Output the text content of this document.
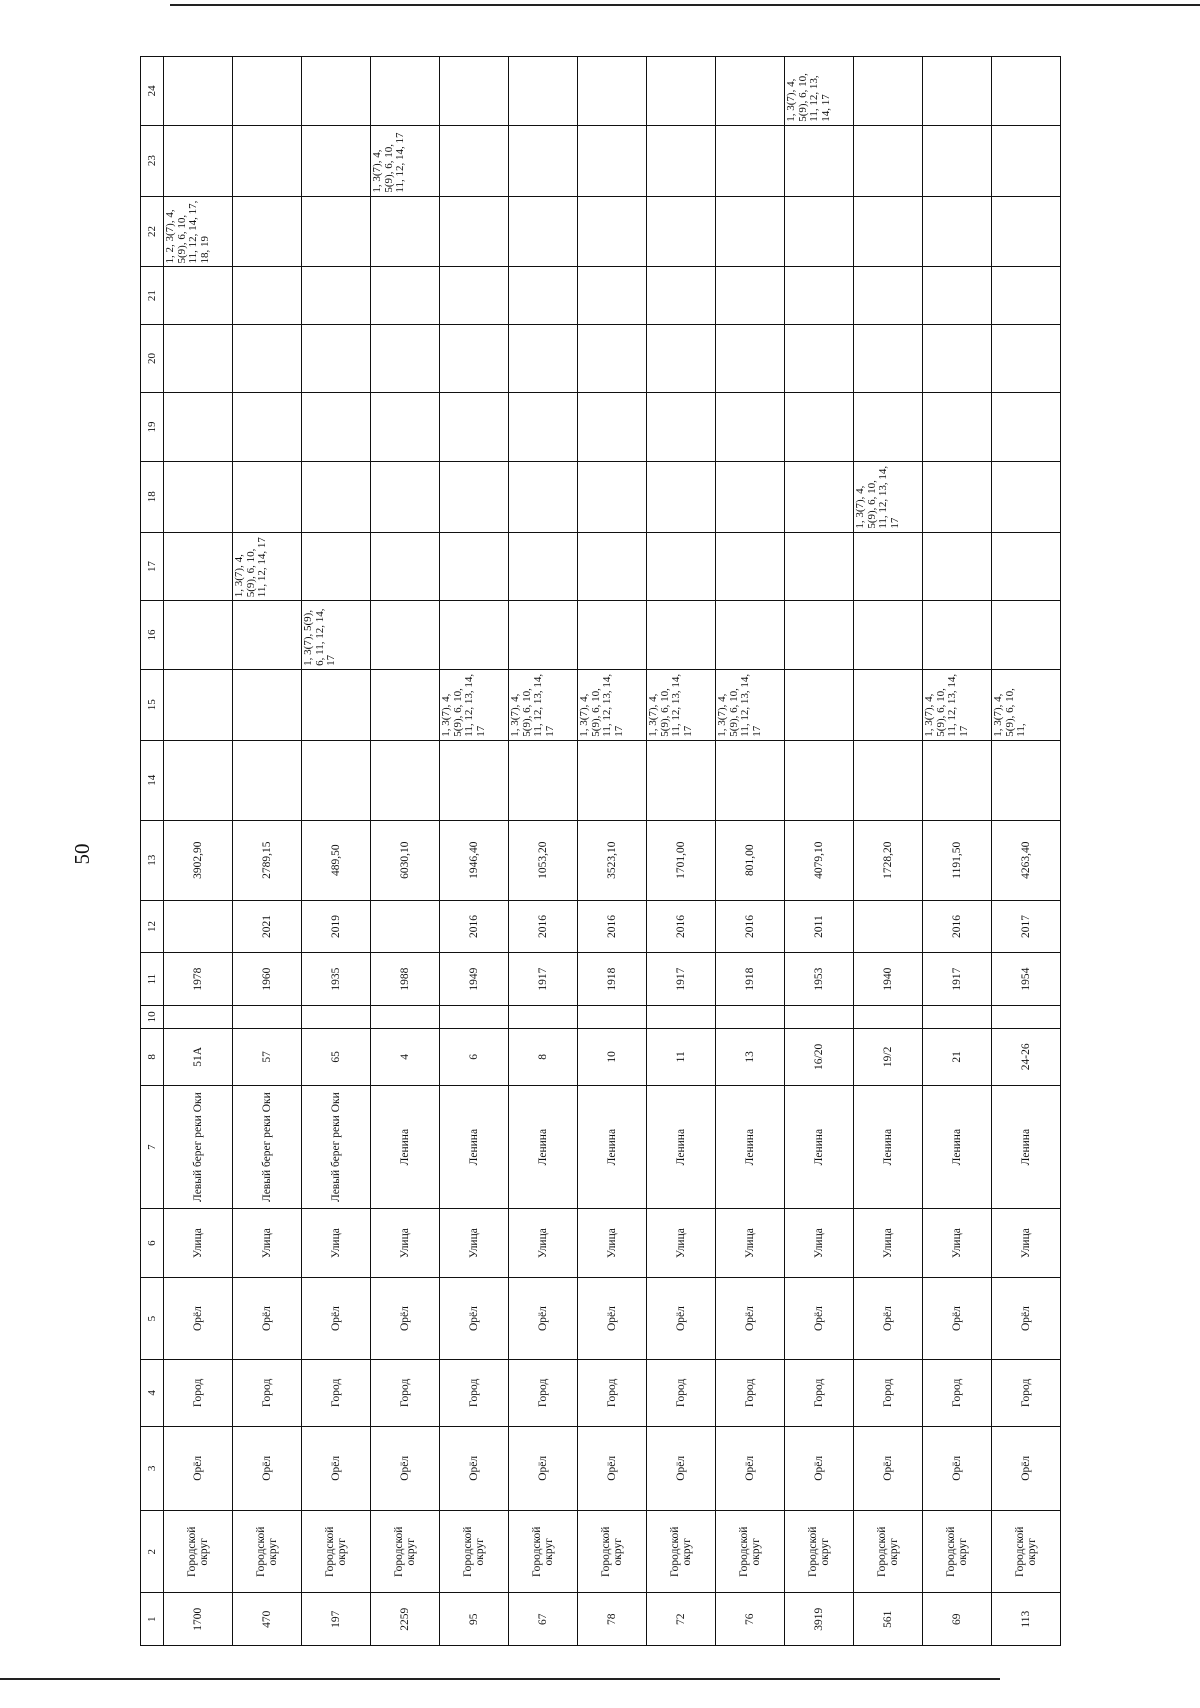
50
1	2	3	4	5	6	7	8	10	11	12	13	14	15	16	17	18	19	20	21	22	23	24
1700	Городской округ	Орёл	Город	Орёл	Улица	Левый берег реки Оки	51А		1978		3902,90									1, 2, 3(7), 4, 5(9), 6, 10, 11, 12, 14, 17, 18, 19		
470	Городской округ	Орёл	Город	Орёл	Улица	Левый берег реки Оки	57		1960	2021	2789,15				1, 3(7), 4, 5(9), 6, 10, 11, 12, 14, 17							
197	Городской округ	Орёл	Город	Орёл	Улица	Левый берег реки Оки	65		1935	2019	489,50			1, 3(7), 5(9), 6, 11, 12, 14, 17								
2259	Городской округ	Орёл	Город	Орёл	Улица	Ленина	4		1988		6030,10										1, 3(7), 4, 5(9), 6, 10, 11, 12, 14, 17	
95	Городской округ	Орёл	Город	Орёл	Улица	Ленина	6		1949	2016	1946,40		1, 3(7), 4, 5(9), 6, 10, 11, 12, 13, 14, 17									
67	Городской округ	Орёл	Город	Орёл	Улица	Ленина	8		1917	2016	1053,20		1, 3(7), 4, 5(9), 6, 10, 11, 12, 13, 14, 17									
78	Городской округ	Орёл	Город	Орёл	Улица	Ленина	10		1918	2016	3523,10		1, 3(7), 4, 5(9), 6, 10, 11, 12, 13, 14, 17									
72	Городской округ	Орёл	Город	Орёл	Улица	Ленина	11		1917	2016	1701,00		1, 3(7), 4, 5(9), 6, 10, 11, 12, 13, 14, 17									
76	Городской округ	Орёл	Город	Орёл	Улица	Ленина	13		1918	2016	801,00		1, 3(7), 4, 5(9), 6, 10, 11, 12, 13, 14, 17									
3919	Городской округ	Орёл	Город	Орёл	Улица	Ленина	16/20		1953	2011	4079,10											1, 3(7), 4, 5(9), 6, 10, 11, 12, 13, 14, 17
561	Городской округ	Орёл	Город	Орёл	Улица	Ленина	19/2		1940		1728,20					1, 3(7), 4, 5(9), 6, 10, 11, 12, 13, 14, 17						
69	Городской округ	Орёл	Город	Орёл	Улица	Ленина	21		1917	2016	1191,50		1, 3(7), 4, 5(9), 6, 10, 11, 12, 13, 14, 17									
113	Городской округ	Орёл	Город	Орёл	Улица	Ленина	24-26		1954	2017	4263,40		1, 3(7), 4, 5(9), 6, 10, 11,									
